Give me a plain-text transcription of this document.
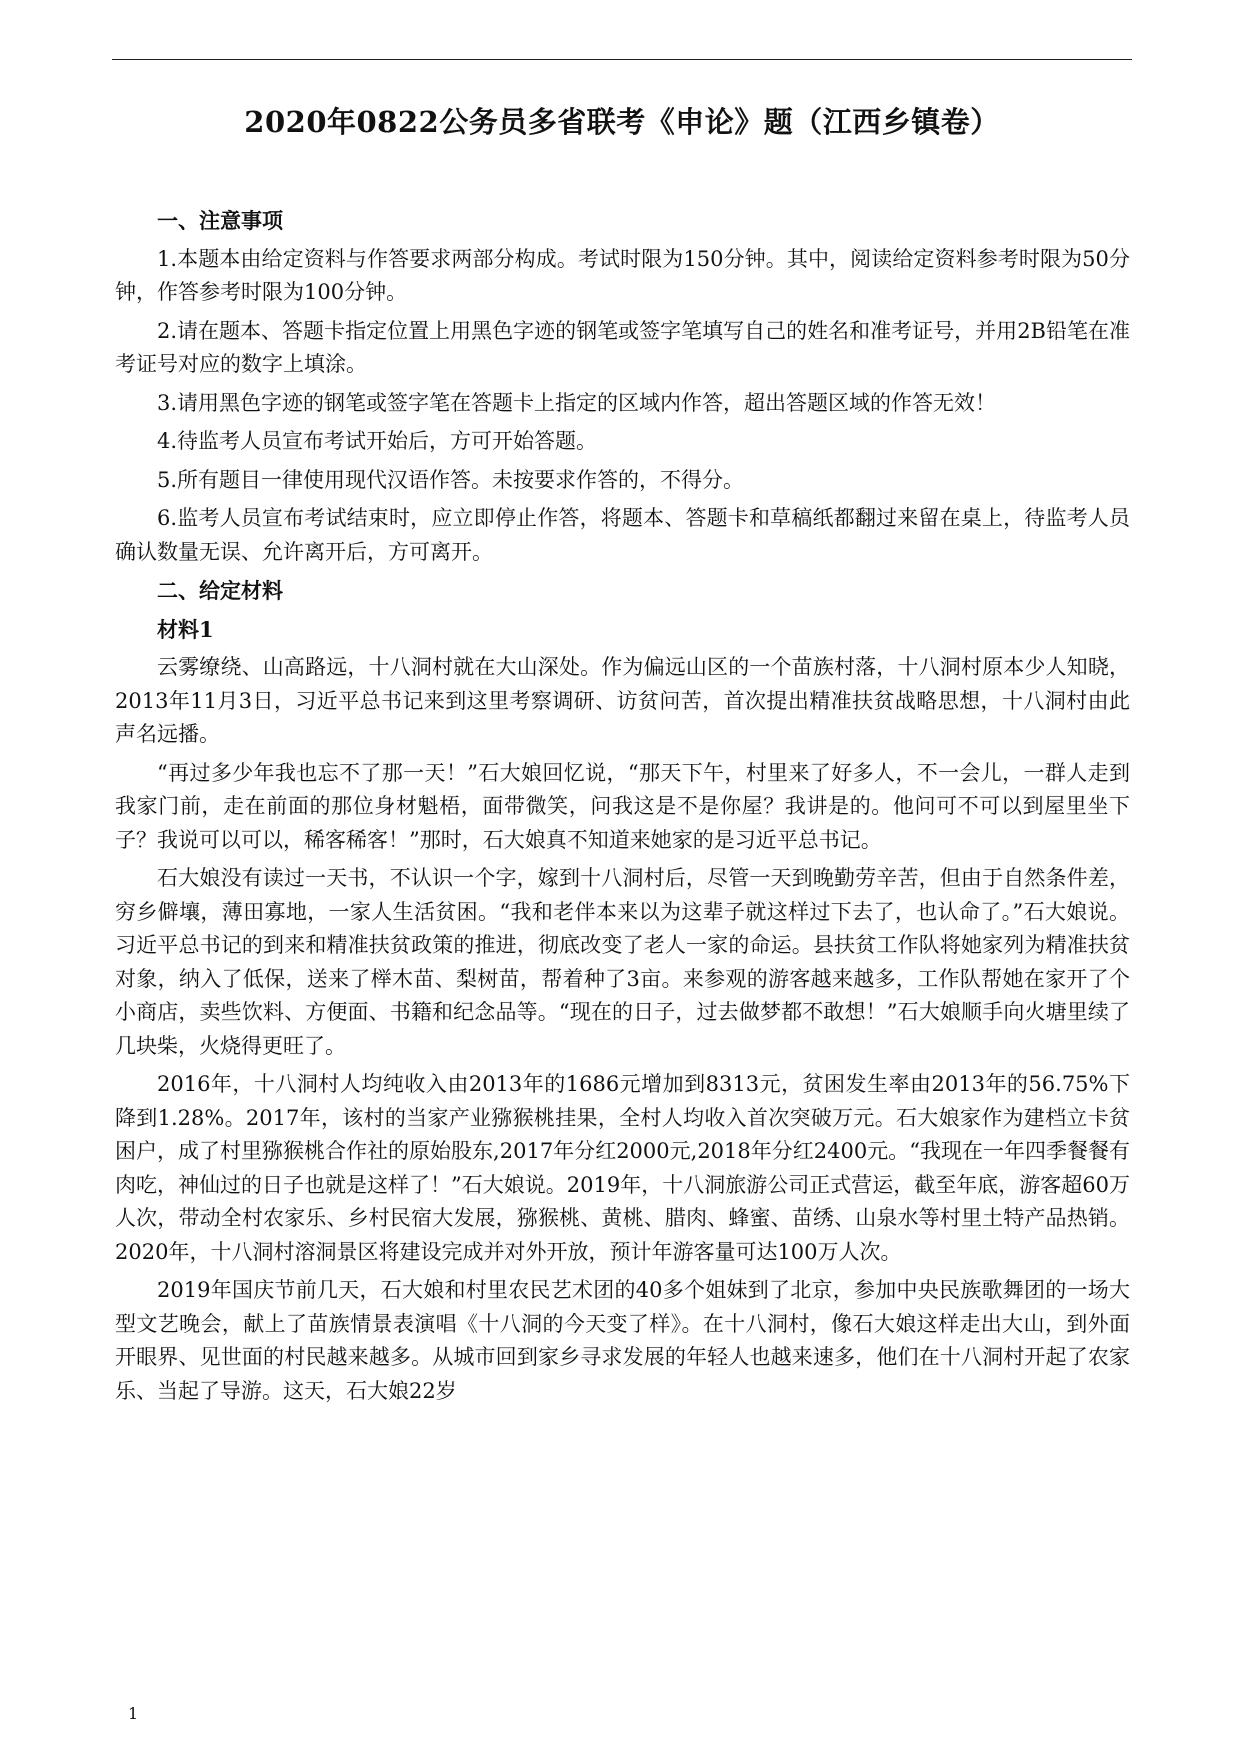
2020年0822公务员多省联考《申论》题（江西乡镇卷）
一、注意事项

1.本题本由给定资料与作答要求两部分构成。考试时限为150分钟。其中，阅读给定资料参考时限为50分钟，作答参考时限为100分钟。

2.请在题本、答题卡指定位置上用黑色字迹的钢笔或签字笔填写自己的姓名和准考证号，并用2B铅笔在准考证号对应的数字上填涂。

3.请用黑色字迹的钢笔或签字笔在答题卡上指定的区域内作答，超出答题区域的作答无效！

4.待监考人员宣布考试开始后，方可开始答题。

5.所有题目一律使用现代汉语作答。未按要求作答的，不得分。

6.监考人员宣布考试结束时，应立即停止作答，将题本、答题卡和草稿纸都翻过来留在桌上，待监考人员确认数量无误、允许离开后，方可离开。

二、给定材料
材料1

云雾缭绕、山高路远，十八洞村就在大山深处。作为偏远山区的一个苗族村落，十八洞村原本少人知晓，2013年11月3日，习近平总书记来到这里考察调研、访贫问苦，首次提出精准扶贫战略思想，十八洞村由此声名远播。

“再过多少年我也忘不了那一天！”石大娘回忆说，“那天下午，村里来了好多人，不一会儿，一群人走到我家门前，走在前面的那位身材魁梧，面带微笑，问我这是不是你屋？我讲是的。他问可不可以到屋里坐下子？我说可以可以，稀客稀客！”那时，石大娘真不知道来她家的是习近平总书记。

石大娘没有读过一天书，不认识一个字，嫁到十八洞村后，尽管一天到晚勤劳辛苦，但由于自然条件差，穷乡僻壤，薄田寡地，一家人生活贫困。“我和老伴本来以为这辈子就这样过下去了，也认命了。”石大娘说。习近平总书记的到来和精准扶贫政策的推进，彻底改变了老人一家的命运。县扶贫工作队将她家列为精准扶贫对象，纳入了低保，送来了榉木苗、梨树苗，帮着种了3亩。来参观的游客越来越多，工作队帮她在家开了个小商店，卖些饮料、方便面、书籍和纪念品等。“现在的日子，过去做梦都不敢想！”石大娘顺手向火塘里续了几块柴，火烧得更旺了。

2016年，十八洞村人均纯收入由2013年的1686元增加到8313元，贫困发生率由2013年的56.75%下降到1.28%。2017年，该村的当家产业猕猴桃挂果，全村人均收入首次突破万元。石大娘家作为建档立卡贫困户，成了村里猕猴桃合作社的原始股东,2017年分红2000元,2018年分红2400元。“我现在一年四季餐餐有肉吃，神仙过的日子也就是这样了！”石大娘说。2019年，十八洞旅游公司正式营运，截至年底，游客超60万人次，带动全村农家乐、乡村民宿大发展，猕猴桃、黄桃、腊肉、蜂蜜、苗绣、山泉水等村里土特产品热销。2020年，十八洞村溶洞景区将建设完成并对外开放，预计年游客量可达100万人次。

2019年国庆节前几天，石大娘和村里农民艺术团的40多个姐妹到了北京，参加中央民族歌舞团的一场大型文艺晚会，献上了苗族情景表演唱《十八洞的今天变了样》。在十八洞村，像石大娘这样走出大山，到外面开眼界、见世面的村民越来越多。从城市回到家乡寻求发展的年轻人也越来速多，他们在十八洞村开起了农家乐、当起了导游。这天，石大娘22岁

1
